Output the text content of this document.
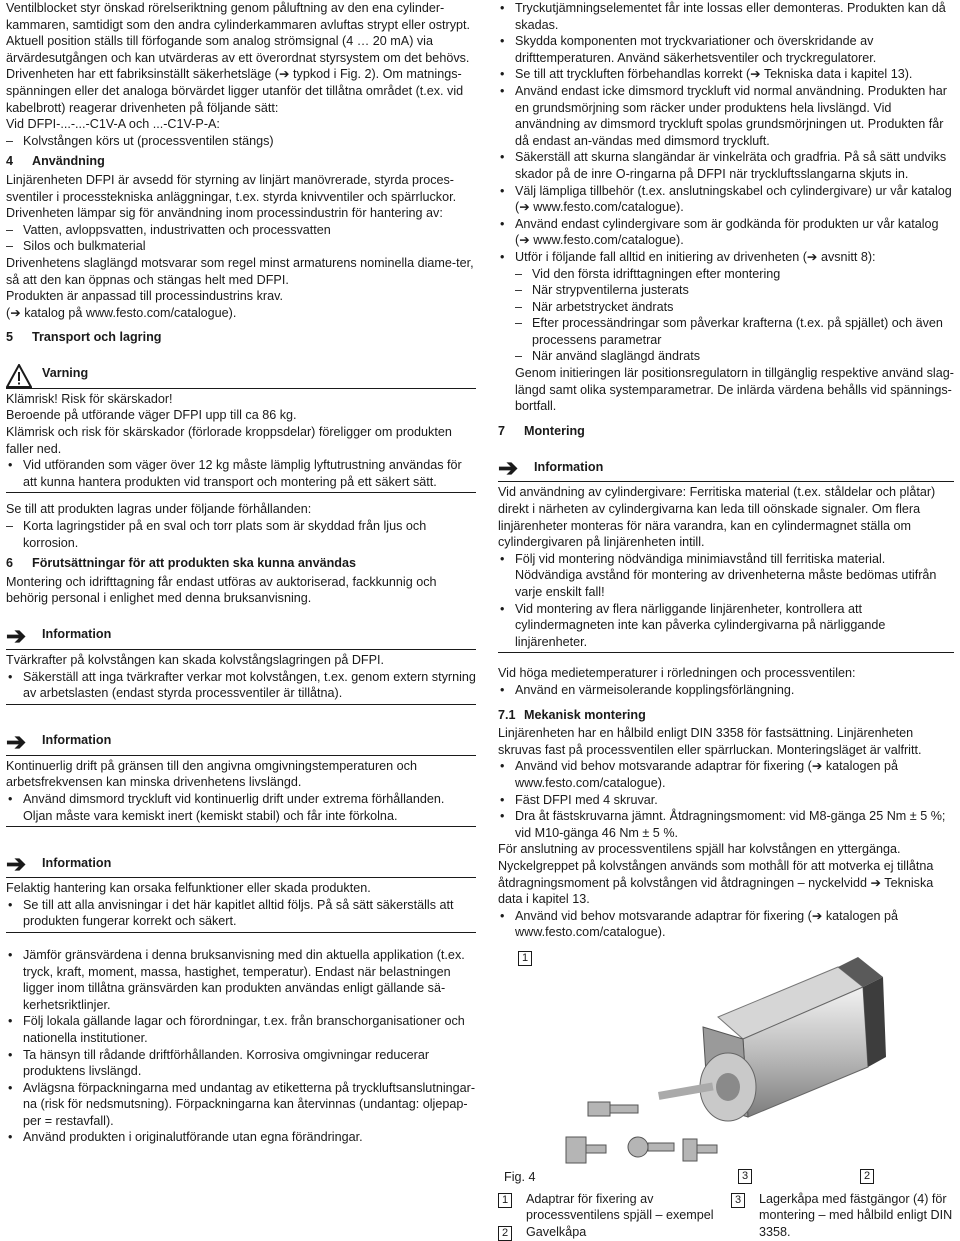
Ventilblocket styr önskad rörelseriktning genom påluftning av den ena cylinder-kammaren, samtidigt som den andra cylinderkammaren avluftas strypt eller ostrypt.

Aktuell position ställs till förfogande som analog strömsignal (4 … 20 mA) via ärvärdesutgången och kan utvärderas av ett överordnat styrsystem om det behövs.

Drivenheten har ett fabriksinställt säkerhetsläge (➔ typkod i Fig. 2). Om matnings-spänningen eller det analoga börvärdet ligger utanför det tillåtna området (t.ex. vid kabelbrott) reagerar drivenheten på följande sätt:

Vid DFPI-...-...-C1V-A och ...-C1V-P-A:

– Kolvstången körs ut (processventilen stängs)

4 Användning

Linjärenheten DFPI är avsedd för styrning av linjärt manövrerade, styrda proces-sventiler i processtekniska anläggningar, t.ex. styrda knivventiler och spärrluckor.

Drivenheten lämpar sig för användning inom processindustrin för hantering av:

– Vatten, avloppsvatten, industrivatten och processvatten

– Silos och bulkmaterial

Drivenhetens slaglängd motsvarar som regel minst armaturens nominella diame-ter, så att den kan öppnas och stängas helt med DFPI.

Produkten är anpassad till processindustrins krav.

(➔ katalog på www.festo.com/catalogue).

5 Transport och lagring
Varning

Klämrisk! Risk för skärskador!

Beroende på utförande väger DFPI upp till ca 86 kg.

Klämrisk och risk för skärskador (förlorade kroppsdelar) föreligger om produkten faller ned.

• Vid utföranden som väger över 12 kg måste lämplig lyftutrustning användas för att kunna hantera produkten vid transport och montering på ett säkert sätt.

Se till att produkten lagras under följande förhållanden:

– Korta lagringstider på en sval och torr plats som är skyddad från ljus och korrosion.

6 Förutsättningar för att produkten ska kunna användas

Montering och idrifttagning får endast utföras av auktoriserad, fackkunnig och behörig personal i enlighet med denna bruksanvisning.

➔	Information

Tvärkrafter på kolvstången kan skada kolvstångslagringen på DFPI.

• Säkerställ att inga tvärkrafter verkar mot kolvstången, t.ex. genom extern styrning av arbetslasten (endast styrda processventiler är tillåtna).

➔	Information

Kontinuerlig drift på gränsen till den angivna omgivningstemperaturen och arbetsfrekvensen kan minska drivenhetens livslängd.

• Använd dimsmord tryckluft vid kontinuerlig drift under extrema förhållanden. Oljan måste vara kemiskt inert (kemiskt stabil) och får inte förkolna.

➔	Information

Felaktig hantering kan orsaka felfunktioner eller skada produkten.

• Se till att alla anvisningar i det här kapitlet alltid följs. På så sätt säkerställs att produkten fungerar korrekt och säkert.

• Jämför gränsvärdena i denna bruksanvisning med din aktuella applikation (t.ex. tryck, kraft, moment, massa, hastighet, temperatur). Endast när belastningen ligger inom tillåtna gränsvärden kan produkten användas enligt gällande sä-kerhetsriktlinjer.

• Följ lokala gällande lagar och förordningar, t.ex. från branschorganisationer och nationella institutioner.

• Ta hänsyn till rådande driftförhållanden. Korrosiva omgivningar reducerar produktens livslängd.

• Avlägsna förpackningarna med undantag av etiketterna på tryckluftsanslutningar-na (risk för nedsmutsning). Förpackningarna kan återvinnas (undantag: oljepap-per = restavfall).

• Använd produkten i originalutförande utan egna förändringar.

• Tryckutjämningselementet får inte lossas eller demonteras. Produkten kan då skadas.

• Skydda komponenten mot tryckvariationer och överskridande av drifttemperaturen. Använd säkerhetsventiler och tryckregulatorer.

• Se till att tryckluften förbehandlas korrekt (➔ Tekniska data i kapitel 13).

• Använd endast icke dimsmord tryckluft vid normal användning. Produkten har en grundsmörjning som räcker under produktens hela livslängd. Vid användning av dimsmord tryckluft spolas grundsmörjningen ut. Produkten får då endast an-vändas med dimsmord tryckluft.

• Säkerställ att skurna slangändar är vinkelräta och gradfria. På så sätt undviks skador på de inre O-ringarna på DFPI när tryckluftsslangarna skjuts in.

• Välj lämpliga tillbehör (t.ex. anslutningskabel och cylindergivare) ur vår katalog (➔ www.festo.com/catalogue).

• Använd endast cylindergivare som är godkända för produkten ur vår katalog (➔ www.festo.com/catalogue).

• Utför i följande fall alltid en initiering av drivenheten (➔ avsnitt 8):

– Vid den första idrifttagningen efter montering

– När strypventilerna justerats

– När arbetstrycket ändrats

– Efter processändringar som påverkar krafterna (t.ex. på spjället) och även processens parametrar

– När använd slaglängd ändrats

Genom initieringen lär positionsregulatorn in tillgänglig respektive använd slag-längd samt olika systemparametrar. De inlärda värdena behålls vid spännings-bortfall.

7 Montering
➔	Information

Vid användning av cylindergivare: Ferritiska material (t.ex. ståldelar och plåtar) direkt i närheten av cylindergivarna kan leda till oönskade signaler. Om flera linjärenheter monteras för nära varandra, kan en cylindermagnet ställa om cylindergivaren på linjärenheten intill.

• Följ vid montering nödvändiga minimiavstånd till ferritiska material. Nödvändiga avstånd för montering av drivenheterna måste bedömas utifrån varje enskilt fall!

• Vid montering av flera närliggande linjärenheter, kontrollera att cylindermagneten inte kan påverka cylindergivarna på närliggande linjärenheter.

Vid höga medietemperaturer i rörledningen och processventilen:

• Använd en värmeisolerande kopplingsförlängning.

7.1 Mekanisk montering

Linjärenheten har en hålbild enligt DIN 3358 för fastsättning. Linjärenheten skruvas fast på processventilen eller spärrluckan. Monteringsläget är valfritt.

• Använd vid behov motsvarande adaptrar för fixering (➔ katalogen på www.festo.com/catalogue).

• Fäst DFPI med 4 skruvar.

• Dra åt fästskruvarna jämnt. Åtdragningsmoment: vid M8-gänga 25 Nm ± 5 %; vid M10-gänga 46 Nm ± 5 %.

För anslutning av processventilens spjäll har kolvstången en yttergänga.

Nyckelgreppet på kolvstången används som mothåll för att motverka ej tillåtna åtdragningsmoment på kolvstången vid åtdragningen – nyckelvidd ➔ Tekniska data i kapitel 13.

• Använd vid behov motsvarande adaptrar för fixering (➔ katalogen på www.festo.com/catalogue).

1
Fig. 4	3	2
1	Adaptrar för fixering av processventilens spjäll – exempel
2	Gavelkåpa
3	Lagerkåpa med fästgängor (4) för montering – med hålbild enligt DIN 3358.
